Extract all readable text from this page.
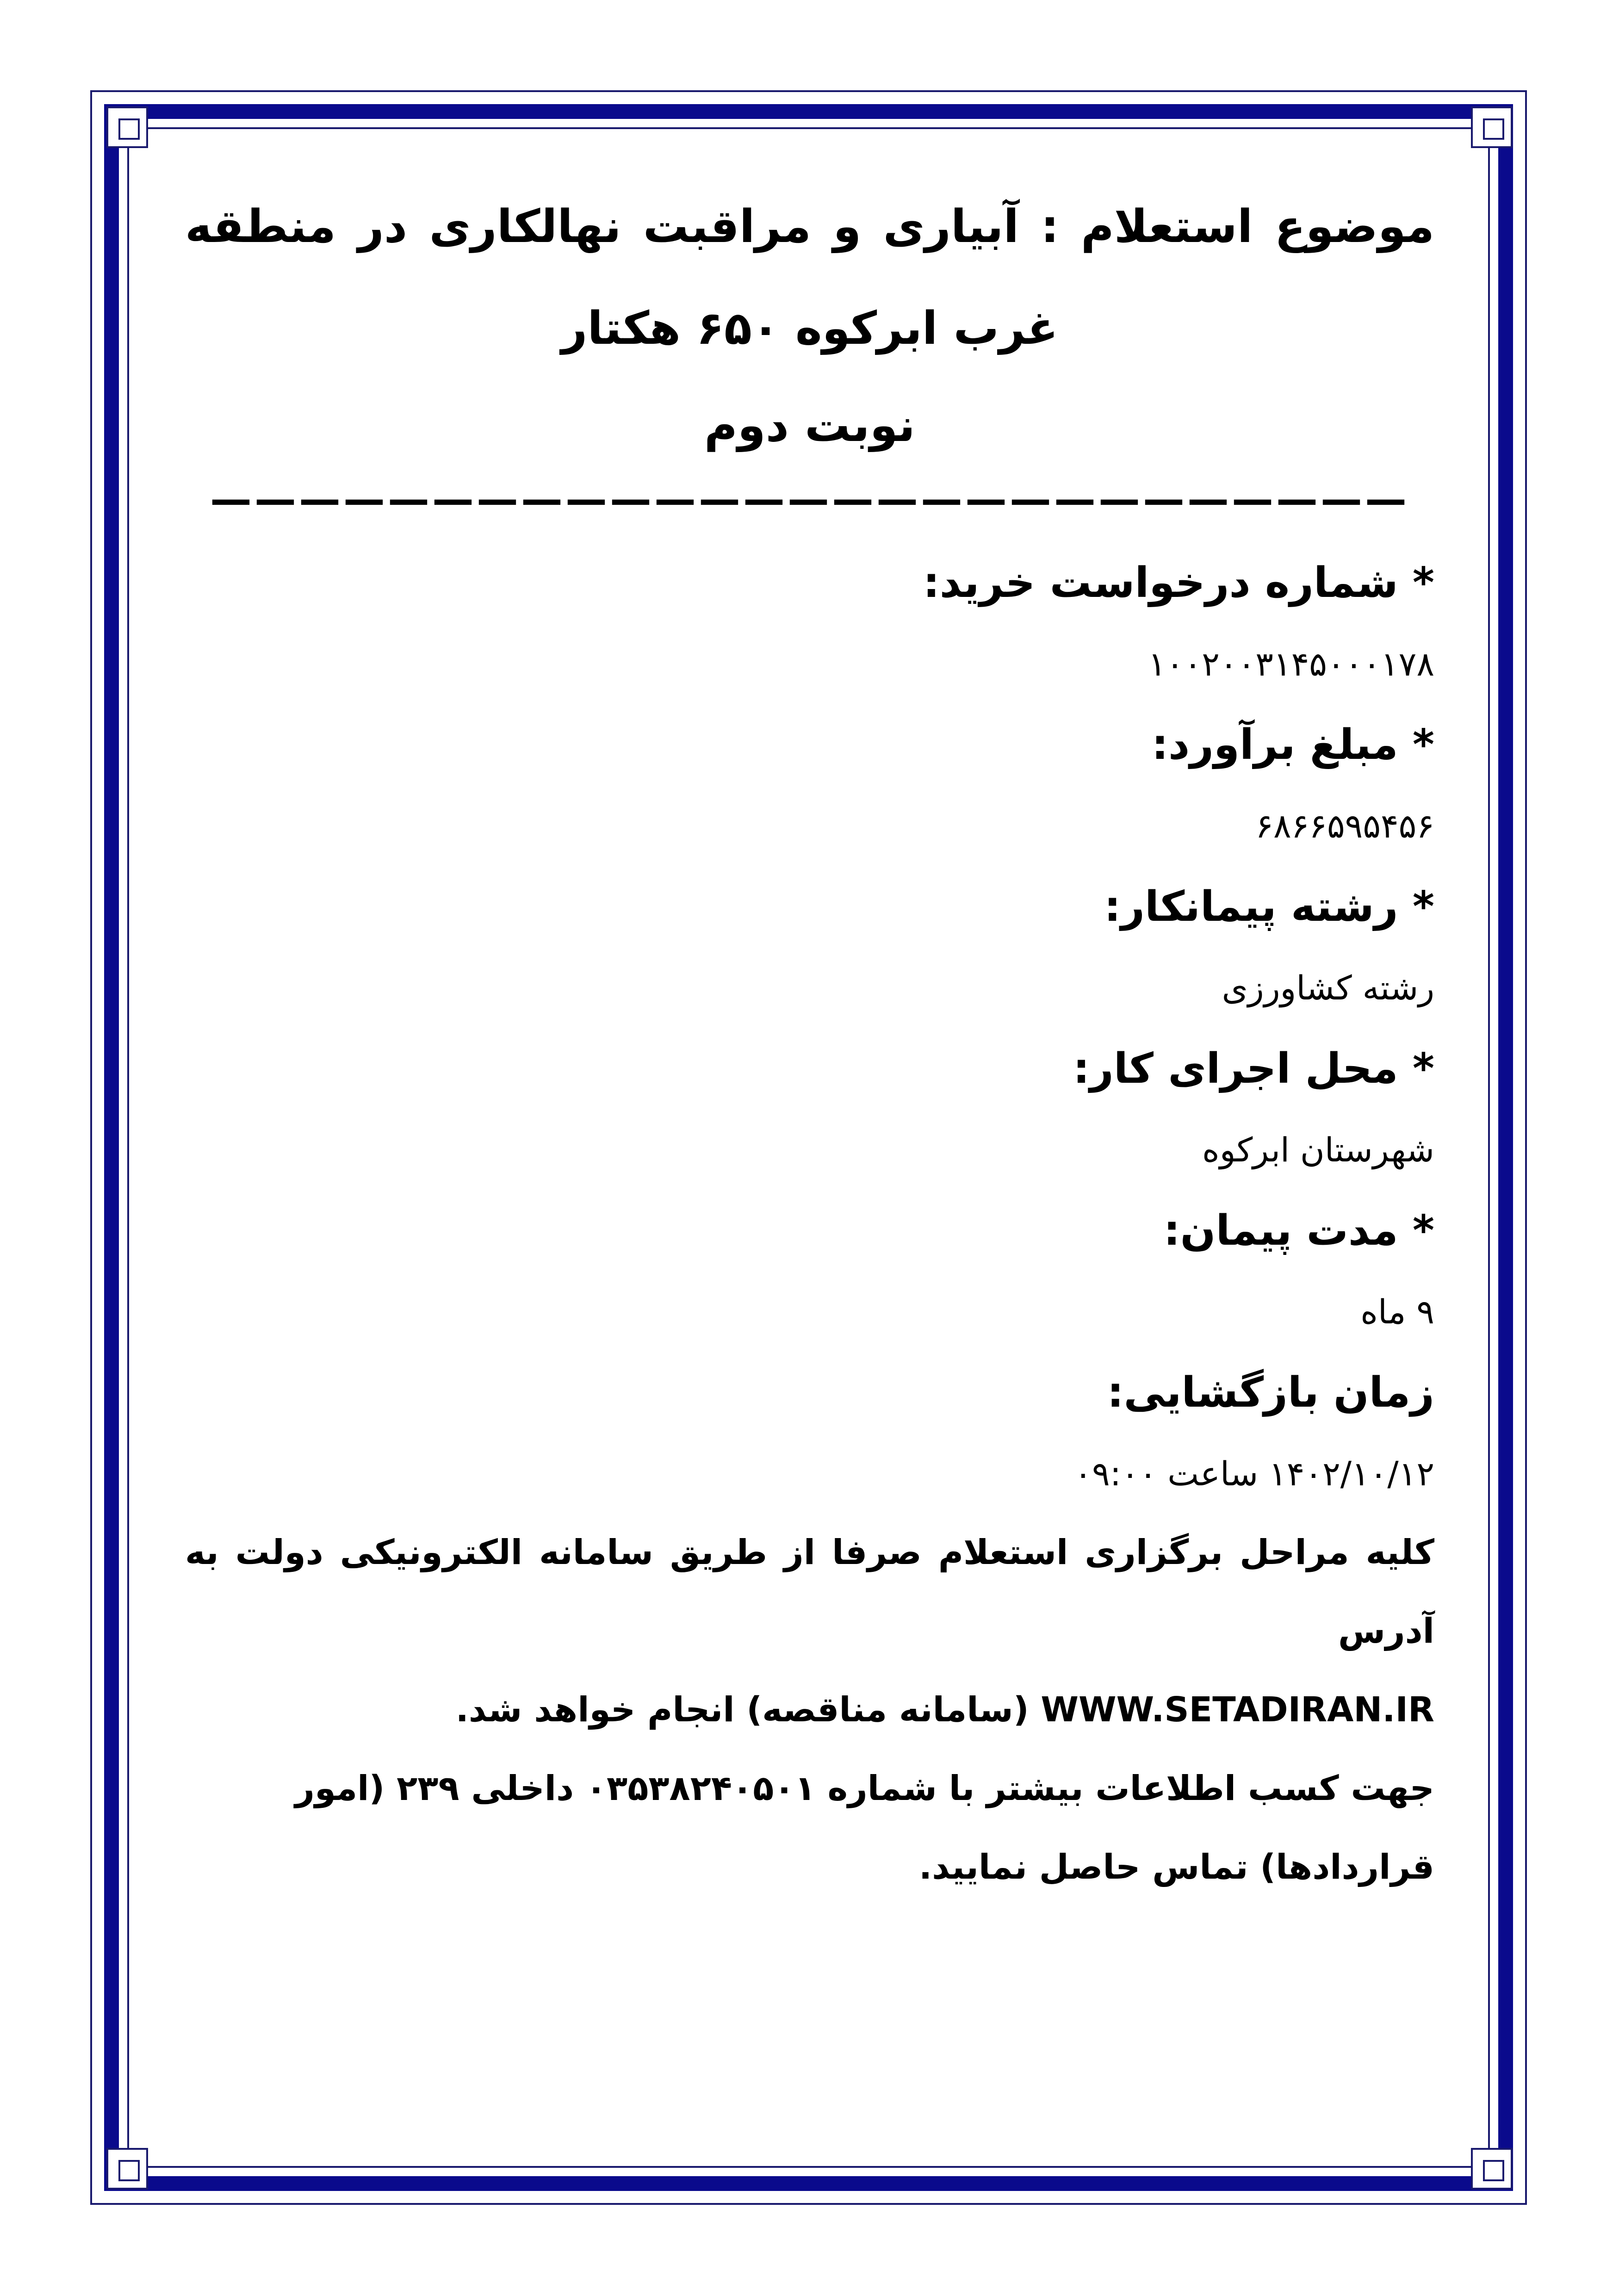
موضوع استعلام : آبیاری و مراقبت نهالکاری در منطقه غرب ابرکوه ۶۵۰ هکتار

نوبت دوم

———————————————————————————

* شماره درخواست خرید:

۱۰۰۲۰۰۳۱۴۵۰۰۰۱۷۸

* مبلغ برآورد:

۶۸۶۶۵۹۵۴۵۶

* رشته پیمانکار:

رشته کشاورزی

* محل اجرای کار:

شهرستان ابرکوه

* مدت پیمان:

۹ ماه

زمان بازگشایی:

۱۴۰۲/۱۰/۱۲ ساعت ۰۹:۰۰

کلیه مراحل برگزاری استعلام صرفا از طریق سامانه الکترونیکی دولت به آدرس

WWW.SETADIRAN.IR (سامانه مناقصه) انجام خواهد شد.

جهت کسب اطلاعات بیشتر با شماره ۰۳۵۳۸۲۴۰۵۰۱ داخلی ۲۳۹ (امور

قراردادها) تماس حاصل نمایید.
